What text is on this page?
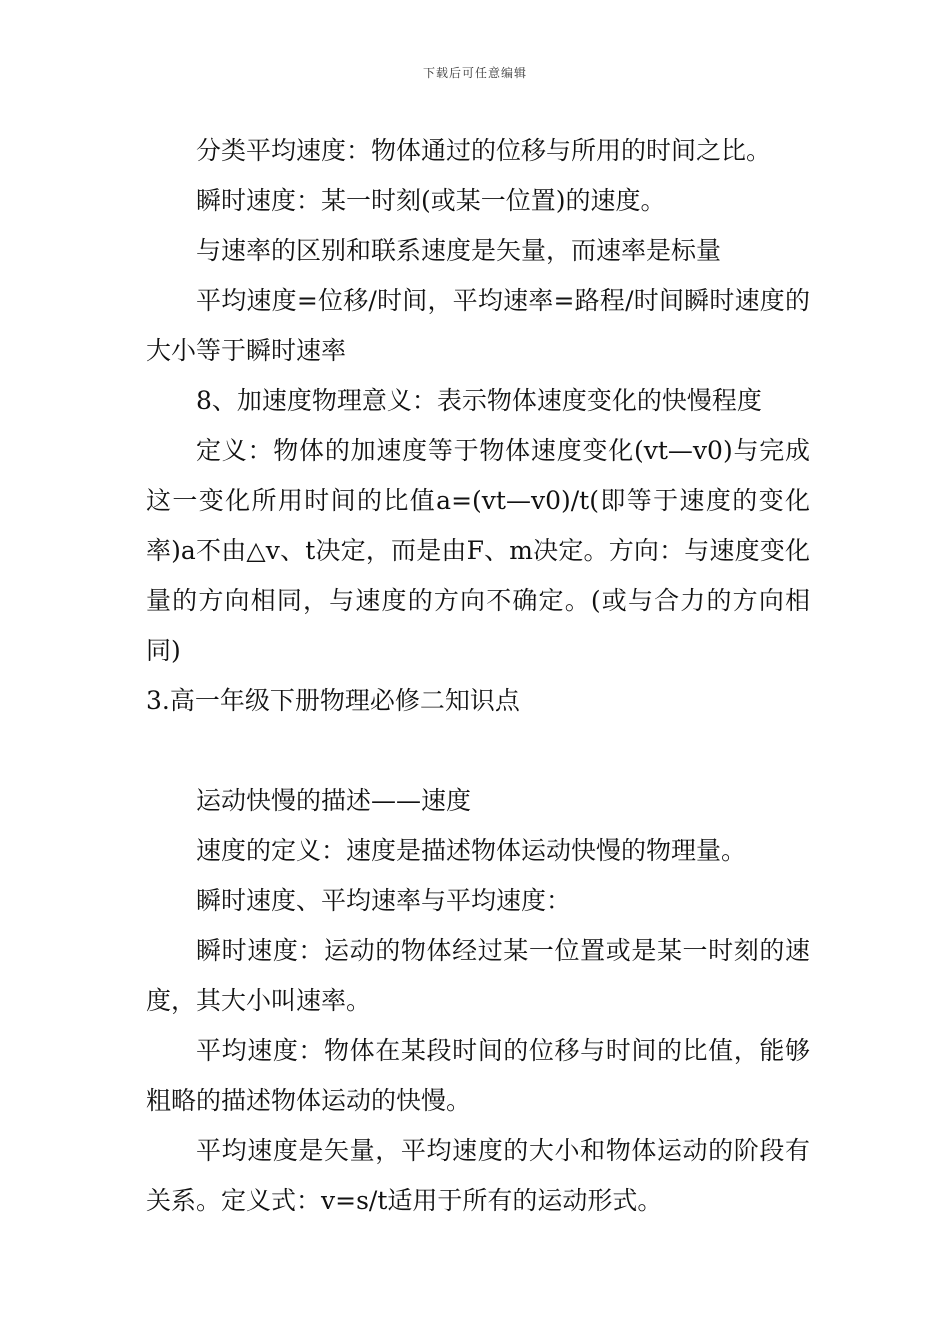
下载后可任意编辑

分类平均速度：物体通过的位移与所用的时间之比。

瞬时速度：某一时刻(或某一位置)的速度。

与速率的区别和联系速度是矢量，而速率是标量

平均速度=位移/时间，平均速率=路程/时间瞬时速度的大小等于瞬时速率

8、加速度物理意义：表示物体速度变化的快慢程度

定义：物体的加速度等于物体速度变化(vt—v0)与完成这一变化所用时间的比值a=(vt—v0)/t(即等于速度的变化率)a不由△v、t决定，而是由F、m决定。方向：与速度变化量的方向相同，与速度的方向不确定。(或与合力的方向相同)

3.高一年级下册物理必修二知识点

运动快慢的描述——速度

速度的定义：速度是描述物体运动快慢的物理量。

瞬时速度、平均速率与平均速度：

瞬时速度：运动的物体经过某一位置或是某一时刻的速度，其大小叫速率。

平均速度：物体在某段时间的位移与时间的比值，能够粗略的描述物体运动的快慢。

平均速度是矢量，平均速度的大小和物体运动的阶段有关系。定义式：v=s/t适用于所有的运动形式。
